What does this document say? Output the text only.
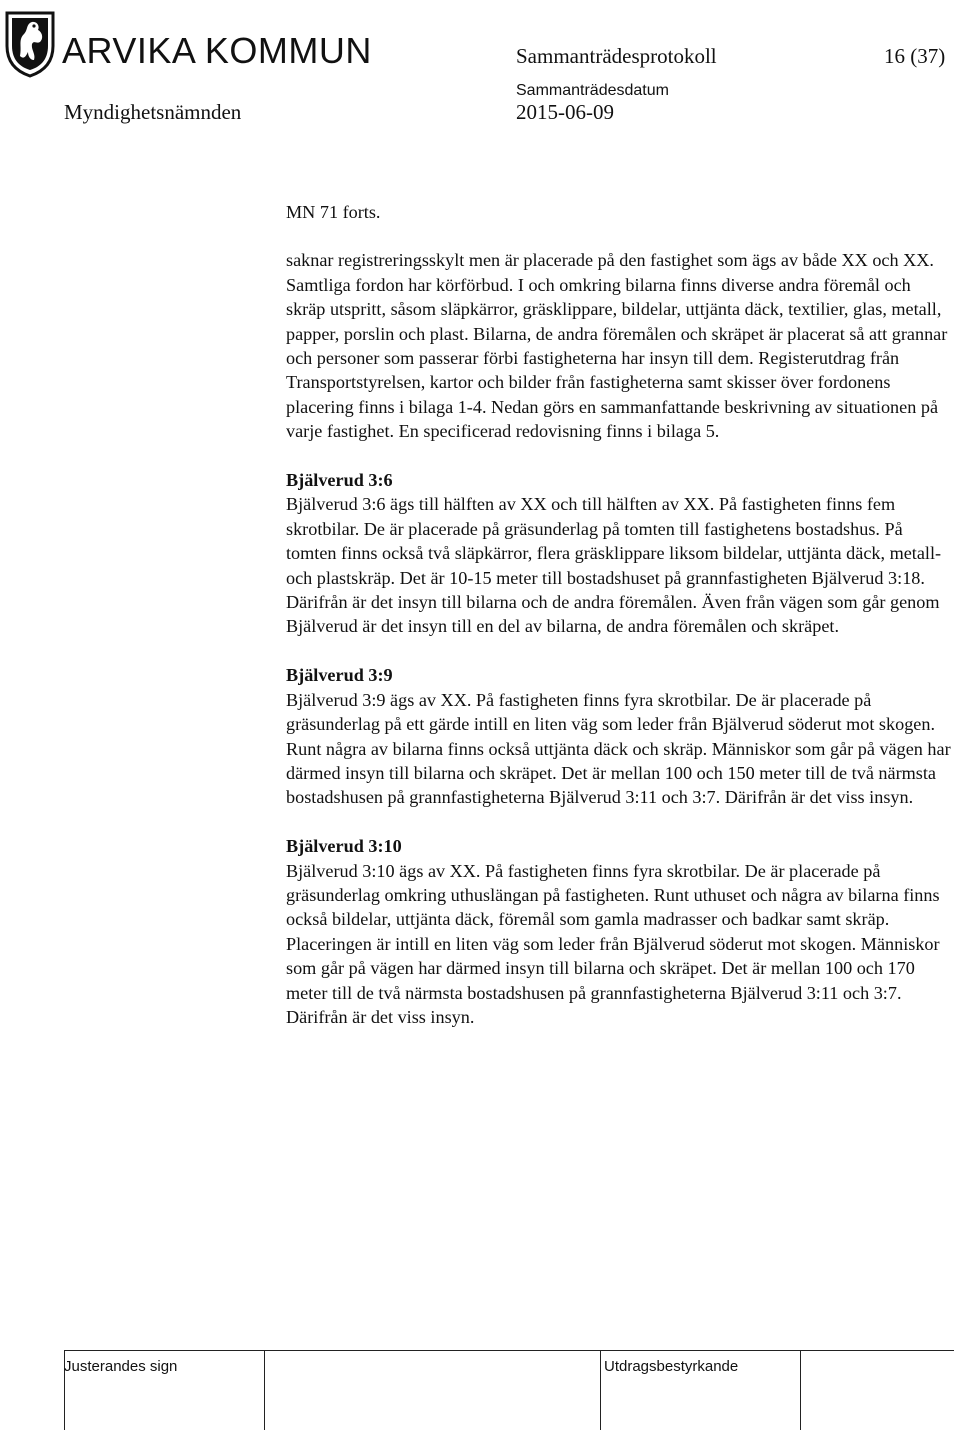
ARVIKA KOMMUN	Sammanträdesprotokoll	16 (37)
Sammanträdesdatum
Myndighetsnämnden	2015-06-09

MN 71 forts.

saknar registreringsskylt men är placerade på den fastighet som ägs av både XX och XX. Samtliga fordon har körförbud. I och omkring bilarna finns diverse andra föremål och skräp utspritt, såsom släpkärror, gräsklippare, bildelar, uttjänta däck, textilier, glas, metall, papper, porslin och plast. Bilarna, de andra föremålen och skräpet är placerat så att grannar och personer som passerar förbi fastigheterna har insyn till dem. Registerutdrag från Transportstyrelsen, kartor och bilder från fastigheterna samt skisser över fordonens placering finns i bilaga 1-4. Nedan görs en sammanfattande beskrivning av situationen på varje fastighet. En specificerad redovisning finns i bilaga 5.

Bjälverud 3:6

Bjälverud 3:6 ägs till hälften av XX och till hälften av XX. På fastigheten finns fem skrotbilar. De är placerade på gräsunderlag på tomten till fastighetens bostadshus. På tomten finns också två släpkärror, flera gräsklippare liksom bildelar, uttjänta däck, metall- och plastskräp. Det är 10-15 meter till bostadshuset på grannfastigheten Bjälverud 3:18. Därifrån är det insyn till bilarna och de andra föremålen. Även från vägen som går genom Bjälverud är det insyn till en del av bilarna, de andra föremålen och skräpet.

Bjälverud 3:9

Bjälverud 3:9 ägs av XX. På fastigheten finns fyra skrotbilar. De är placerade på gräsunderlag på ett gärde intill en liten väg som leder från Bjälverud söderut mot skogen. Runt några av bilarna finns också uttjänta däck och skräp. Människor som går på vägen har därmed insyn till bilarna och skräpet. Det är mellan 100 och 150 meter till de två närmsta bostadshusen på grannfastigheterna Bjälverud 3:11 och 3:7. Därifrån är det viss insyn.

Bjälverud 3:10

Bjälverud 3:10 ägs av XX. På fastigheten finns fyra skrotbilar. De är placerade på gräsunderlag omkring uthuslängan på fastigheten. Runt uthuset och några av bilarna finns också bildelar, uttjänta däck, föremål som gamla madrasser och badkar samt skräp. Placeringen är intill en liten väg som leder från Bjälverud söderut mot skogen. Människor som går på vägen har därmed insyn till bilarna och skräpet. Det är mellan 100 och 170 meter till de två närmsta bostadshusen på grannfastigheterna Bjälverud 3:11 och 3:7. Därifrån är det viss insyn.

Justerandes sign	Utdragsbestyrkande
